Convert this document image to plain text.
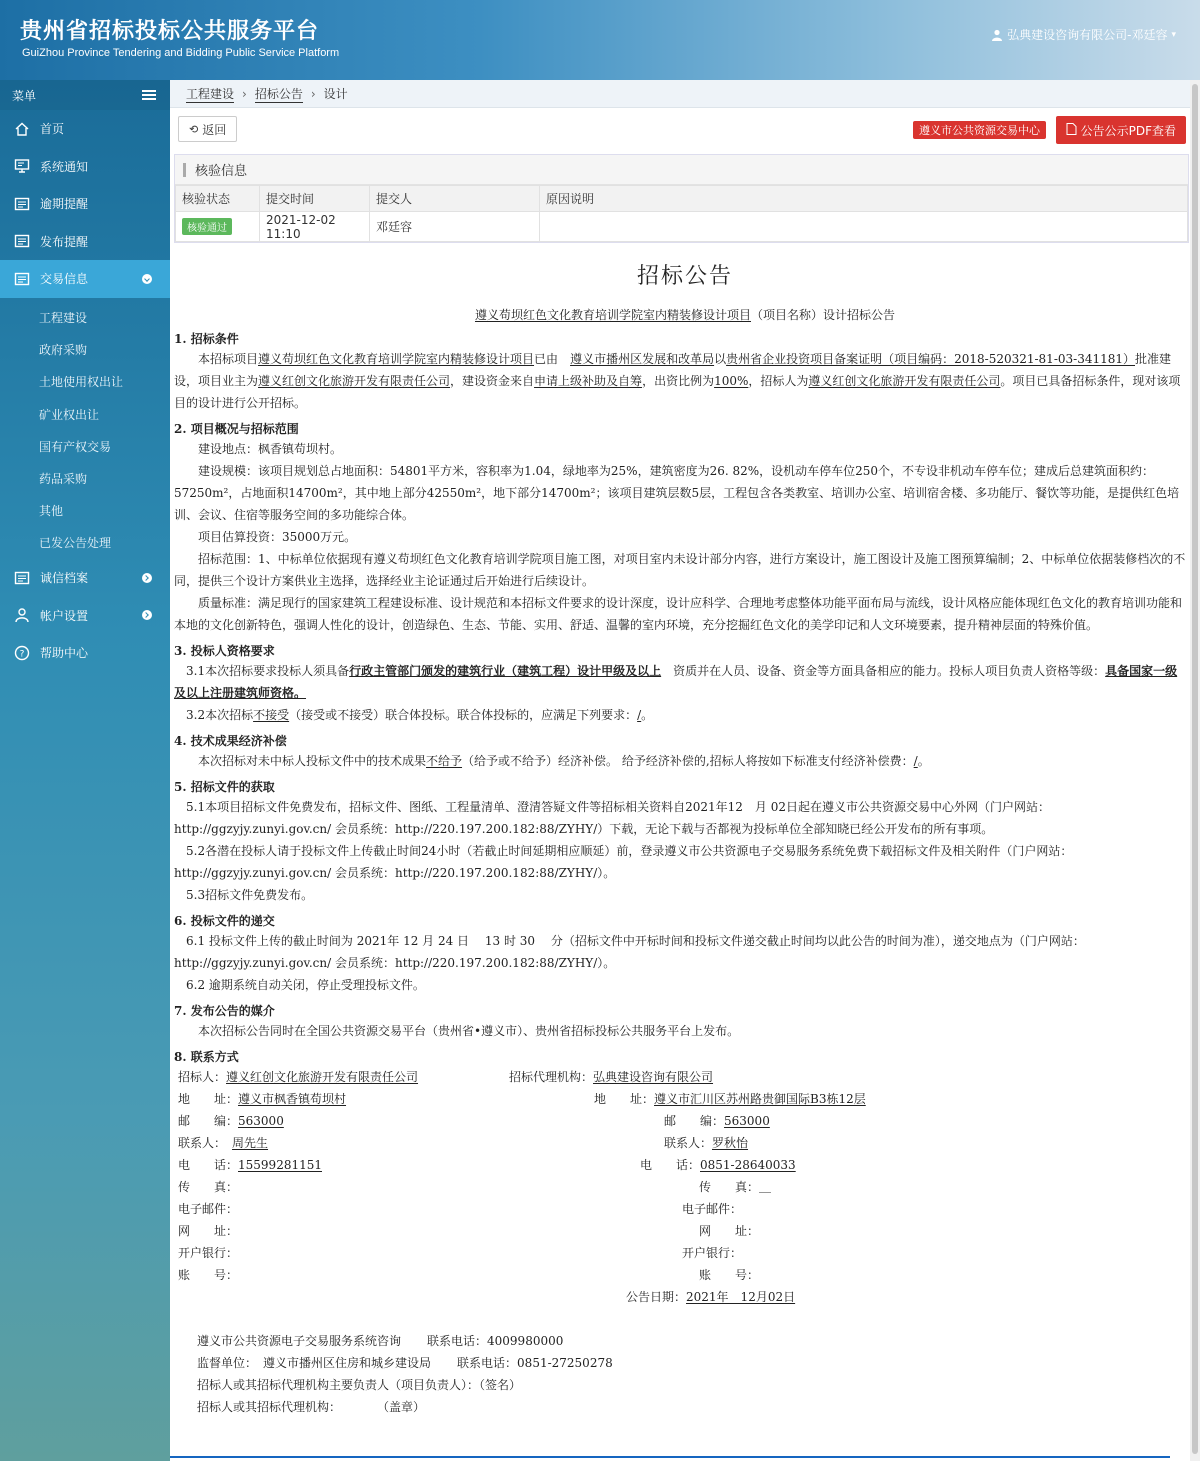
贵州省招标投标公共服务平台
GuiZhou Province Tendering and Bidding Public Service Platform
弘典建设咨询有限公司-邓廷容 ▾
菜单
首页
系统通知
逾期提醒
发布提醒
交易信息
工程建设
政府采购
土地使用权出让
矿业权出让
国有产权交易
药品采购
其他
已发公告处理
诚信档案
帐户设置
? 帮助中心
工程建设 › 招标公告 › 设计
⟲ 返回	遵义市公共资源交易中心	公告公示PDF查看
核验信息
核验状态	提交时间	提交人	原因说明
核验通过	2021-12-02 11:10	邓廷容	
招标公告
遵义苟坝红色文化教育培训学院室内精装修设计项目（项目名称）设计招标公告
1. 招标条件

本招标项目遵义苟坝红色文化教育培训学院室内精装修设计项目已由　 遵义市播州区发展和改革局以贵州省企业投资项目备案证明（项目编码：2018-520321-81-03-341181）批准建设，项目业主为遵义红创文化旅游开发有限责任公司，建设资金来自申请上级补助及自筹，出资比例为100%，招标人为遵义红创文化旅游开发有限责任公司。项目已具备招标条件，现对该项目的设计进行公开招标。

2. 项目概况与招标范围

建设地点：枫香镇苟坝村。

建设规模：该项目规划总占地面积：54801平方米，容积率为1.04，绿地率为25%，建筑密度为26. 82%，设机动车停车位250个，不专设非机动车停车位；建成后总建筑面积约：57250m²，占地面积14700m²，其中地上部分42550m²，地下部分14700m²；该项目建筑层数5层，工程包含各类教室、培训办公室、培训宿舍楼、多功能厅、餐饮等功能，是提供红色培训、会议、住宿等服务空间的多功能综合体。

项目估算投资：35000万元。

招标范围：1、中标单位依据现有遵义苟坝红色文化教育培训学院项目施工图，对项目室内未设计部分内容，进行方案设计，施工图设计及施工图预算编制；2、中标单位依据装修档次的不同，提供三个设计方案供业主选择，选择经业主论证通过后开始进行后续设计。

质量标准：满足现行的国家建筑工程建设标准、设计规范和本招标文件要求的设计深度，设计应科学、合理地考虑整体功能平面布局与流线，设计风格应能体现红色文化的教育培训功能和本地的文化创新特色，强调人性化的设计，创造绿色、生态、节能、实用、舒适、温馨的室内环境，充分挖掘红色文化的美学印记和人文环境要素，提升精神层面的特殊价值。

3. 投标人资格要求

3.1本次招标要求投标人须具备行政主管部门颁发的建筑行业（建筑工程）设计甲级及以上　 资质并在人员、设备、资金等方面具备相应的能力。投标人项目负责人资格等级：具备国家一级及以上注册建筑师资格。

3.2本次招标不接受（接受或不接受）联合体投标。联合体投标的，应满足下列要求：/。

4. 技术成果经济补偿

本次招标对未中标人投标文件中的技术成果不给予（给予或不给予）经济补偿。 给予经济补偿的,招标人将按如下标准支付经济补偿费：/。

5. 招标文件的获取

5.1本项目招标文件免费发布，招标文件、图纸、工程量清单、澄清答疑文件等招标相关资料自2021年12　月 02日起在遵义市公共资源交易中心外网（门户网站：http://ggzyjy.zunyi.gov.cn/ 会员系统：http://220.197.200.182:88/ZYHY/）下载，无论下载与否都视为投标单位全部知晓已经公开发布的所有事项。

5.2各潜在投标人请于投标文件上传截止时间24小时（若截止时间延期相应顺延）前，登录遵义市公共资源电子交易服务系统免费下载招标文件及相关附件（门户网站：http://ggzyjy.zunyi.gov.cn/ 会员系统：http://220.197.200.182:88/ZYHY/）。

5.3招标文件免费发布。

6. 投标文件的递交

6.1 投标文件上传的截止时间为 2021年 12 月 24 日　 13 时 30　 分（招标文件中开标时间和投标文件递交截止时间均以此公告的时间为准），递交地点为（门户网站：http://ggzyjy.zunyi.gov.cn/ 会员系统：http://220.197.200.182:88/ZYHY/）。

6.2 逾期系统自动关闭，停止受理投标文件。

7. 发布公告的媒介

本次招标公告同时在全国公共资源交易平台（贵州省•遵义市）、贵州省招标投标公共服务平台上发布。

8. 联系方式
招标人：遵义红创文化旅游开发有限责任公司	招标代理机构：弘典建设咨询有限公司
地　　址：遵义市枫香镇苟坝村	地　　址：遵义市汇川区苏州路贵御国际B3栋12层
邮　　编：563000	邮　　编：563000
联系人：　 周先生	联系人：罗秋怡
电　　话：15599281151	电　　话：0851-28640033
传　　真：	传　　真：＿
电子邮件：	电子邮件：
网　　址：	网　　址：
开户银行：	开户银行：
账　　号：	账　　号：
公告日期：2021年　12月02日
遵义市公共资源电子交易服务系统咨询 联系电话：4009980000
监督单位：　 遵义市播州区住房和城乡建设局 联系电话：0851-27250278
招标人或其招标代理机构主要负责人（项目负责人）：（签名）
招标人或其招标代理机构：　　　　（盖章）
